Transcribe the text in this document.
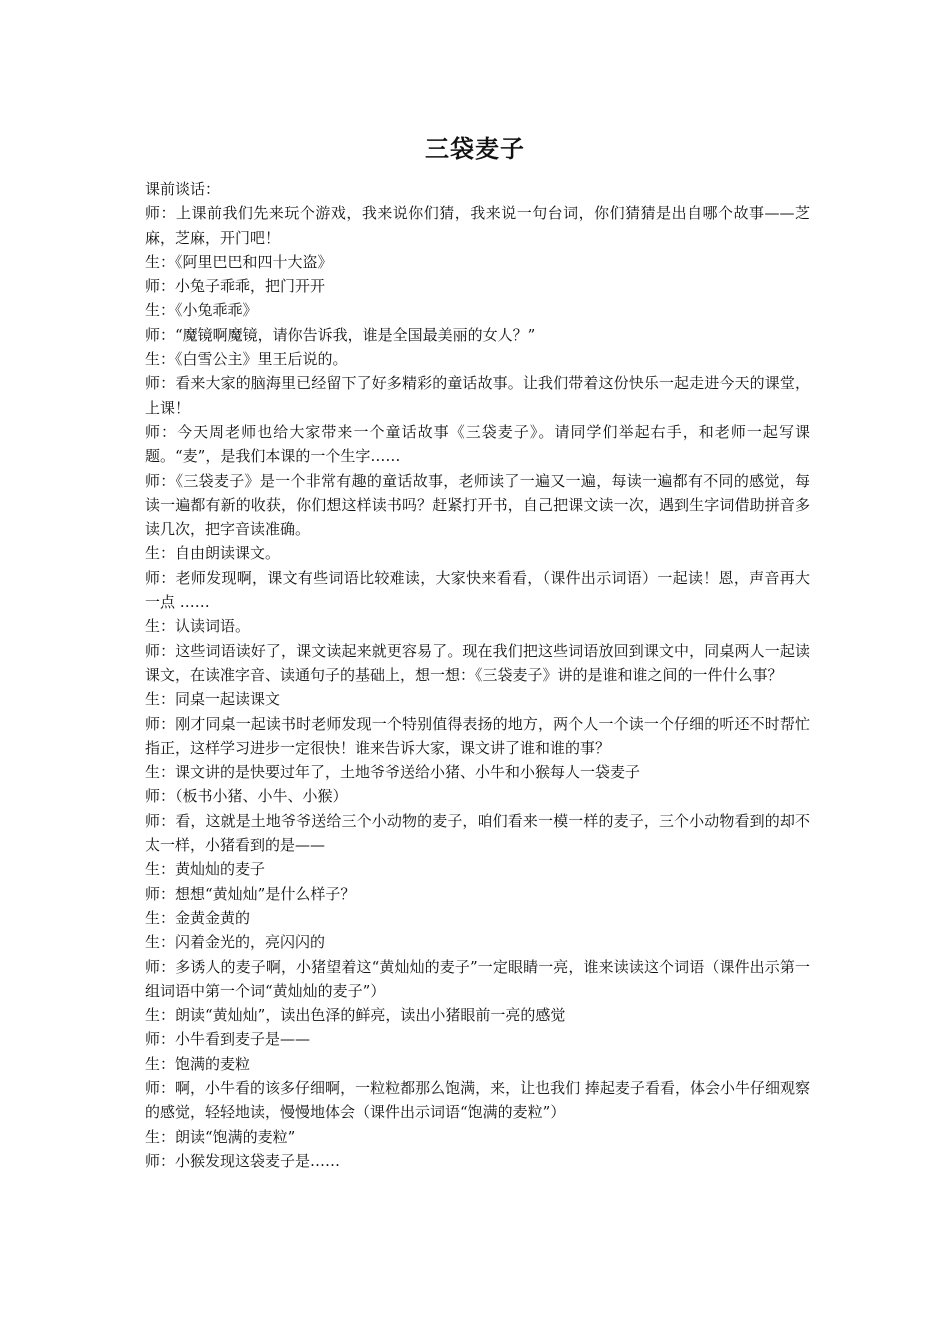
三袋麦子

课前谈话：

师：上课前我们先来玩个游戏，我来说你们猜，我来说一句台词，你们猜猜是出自哪个故事——芝麻，芝麻，开门吧！

生：《阿里巴巴和四十大盗》

师：小兔子乖乖，把门开开

生：《小兔乖乖》

师：“魔镜啊魔镜，请你告诉我，谁是全国最美丽的女人？”

生：《白雪公主》里王后说的。

师：看来大家的脑海里已经留下了好多精彩的童话故事。让我们带着这份快乐一起走进今天的课堂，上课！

师：今天周老师也给大家带来一个童话故事《三袋麦子》。请同学们举起右手，和老师一起写课题。“麦”，是我们本课的一个生字……

师：《三袋麦子》是一个非常有趣的童话故事，老师读了一遍又一遍，每读一遍都有不同的感觉，每读一遍都有新的收获，你们想这样读书吗？赶紧打开书，自己把课文读一次，遇到生字词借助拼音多读几次，把字音读准确。

生：自由朗读课文。

师：老师发现啊，课文有些词语比较难读，大家快来看看，（课件出示词语）一起读！恩，声音再大一点 ……

生：认读词语。

师：这些词语读好了，课文读起来就更容易了。现在我们把这些词语放回到课文中，同桌两人一起读课文，在读准字音、读通句子的基础上，想一想：《三袋麦子》讲的是谁和谁之间的一件什么事？

生：同桌一起读课文

师：刚才同桌一起读书时老师发现一个特别值得表扬的地方，两个人一个读一个仔细的听还不时帮忙指正，这样学习进步一定很快！谁来告诉大家，课文讲了谁和谁的事？

生：课文讲的是快要过年了，土地爷爷送给小猪、小牛和小猴每人一袋麦子

师：（板书小猪、小牛、小猴）

师：看，这就是土地爷爷送给三个小动物的麦子，咱们看来一模一样的麦子，三个小动物看到的却不太一样，小猪看到的是——

生：黄灿灿的麦子

师：想想“黄灿灿”是什么样子？

生：金黄金黄的

生：闪着金光的，亮闪闪的

师：多诱人的麦子啊，小猪望着这“黄灿灿的麦子”一定眼睛一亮，谁来读读这个词语（课件出示第一组词语中第一个词“黄灿灿的麦子”）

生：朗读“黄灿灿”，读出色泽的鲜亮，读出小猪眼前一亮的感觉

师：小牛看到麦子是——

生：饱满的麦粒

师：啊，小牛看的该多仔细啊，一粒粒都那么饱满，来，让也我们 捧起麦子看看，体会小牛仔细观察的感觉，轻轻地读，慢慢地体会（课件出示词语“饱满的麦粒”）

生：朗读“饱满的麦粒”

师：小猴发现这袋麦子是……
